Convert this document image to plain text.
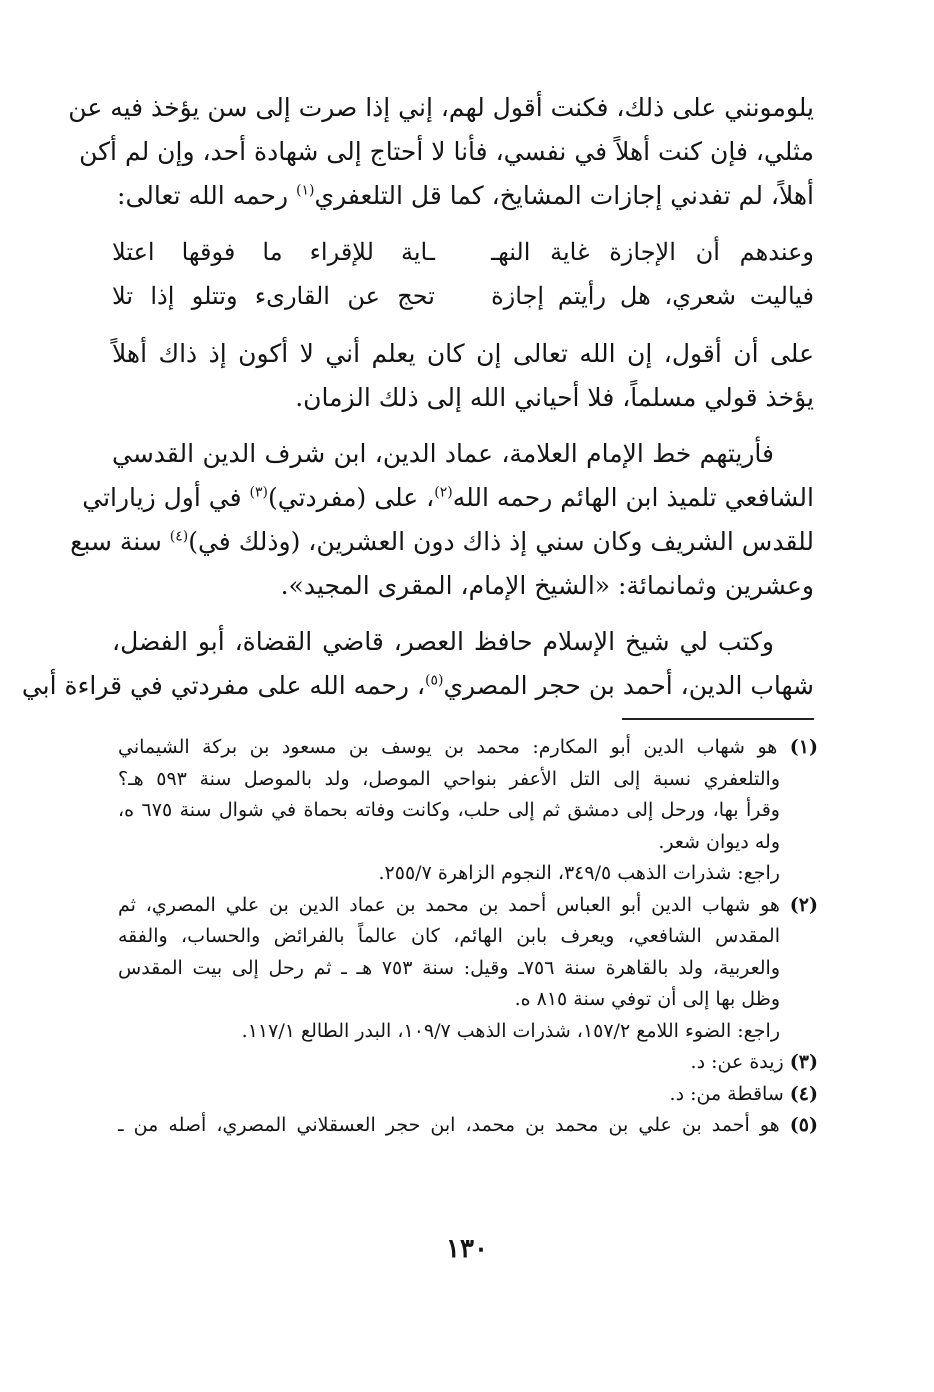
يلومونني على ذلك، فكنت أقول لهم، إني إذا صرت إلى سن يؤخذ فيه عن
مثلي، فإن كنت أهلاً في نفسي، فأنا لا أحتاج إلى شهادة أحد، وإن لم أكن
أهلاً، لم تفدني إجازات المشايخ، كما قل التلعفري$^{(١)}$ رحمه الله تعالى:
وعندهم أن الإجازة غاية النهـ
ـاية للإقراء ما فوقها اعتلا
فياليت شعري، هل رأيتم إجازة
تحج عن القارىء وتتلو إذا تلا
على أن أقول، إن الله تعالى إن كان يعلم أني لا أكون إذ ذاك أهلاً
يؤخذ قولي مسلماً، فلا أحياني الله إلى ذلك الزمان.
فأريتهم خط الإمام العلامة، عماد الدين، ابن شرف الدين القدسي
الشافعي تلميذ ابن الهائم رحمه الله$^{(٢)}$، على (مفردتي)$^{(٣)}$ في أول زياراتي
للقدس الشريف وكان سني إذ ذاك دون العشرين، (وذلك في)$^{(٤)}$ سنة سبع
وعشرين وثمانمائة: «الشيخ الإمام، المقرى المجيد».
وكتب لي شيخ الإسلام حافظ العصر، قاضي القضاة، أبو الفضل،
شهاب الدين، أحمد بن حجر المصري$^{(٥)}$، رحمه الله على مفردتي في قراءة أبي
(١) هو شهاب الدين أبو المكارم: محمد بن يوسف بن مسعود بن بركة الشيماني
والتلعفري نسبة إلى التل الأعفر بنواحي الموصل، ولد بالموصل سنة ٥٩٣ هـ؟
وقرأ بها، ورحل إلى دمشق ثم إلى حلب، وكانت وفاته بحماة في شوال سنة ٦٧٥ ه،
وله ديوان شعر.
راجع: شذرات الذهب ٣٤٩/٥، النجوم الزاهرة ٢٥٥/٧.
(٢) هو شهاب الدين أبو العباس أحمد بن محمد بن عماد الدين بن علي المصري، ثم
المقدس الشافعي، ويعرف بابن الهائم، كان عالماً بالفرائض والحساب، والفقه
والعربية، ولد بالقاهرة سنة ٧٥٦ـ وقيل: سنة ٧٥٣ هـ ـ ثم رحل إلى بيت المقدس
وظل بها إلى أن توفي سنة ٨١٥ ه.
راجع: الضوء اللامع ١٥٧/٢، شذرات الذهب ١٠٩/٧، البدر الطالع ١١٧/١.
(٣) زيدة عن: د.
(٤) ساقطة من: د.
(٥) هو أحمد بن علي بن محمد بن محمد، ابن حجر العسقلاني المصري، أصله من ـ
١٣٠
